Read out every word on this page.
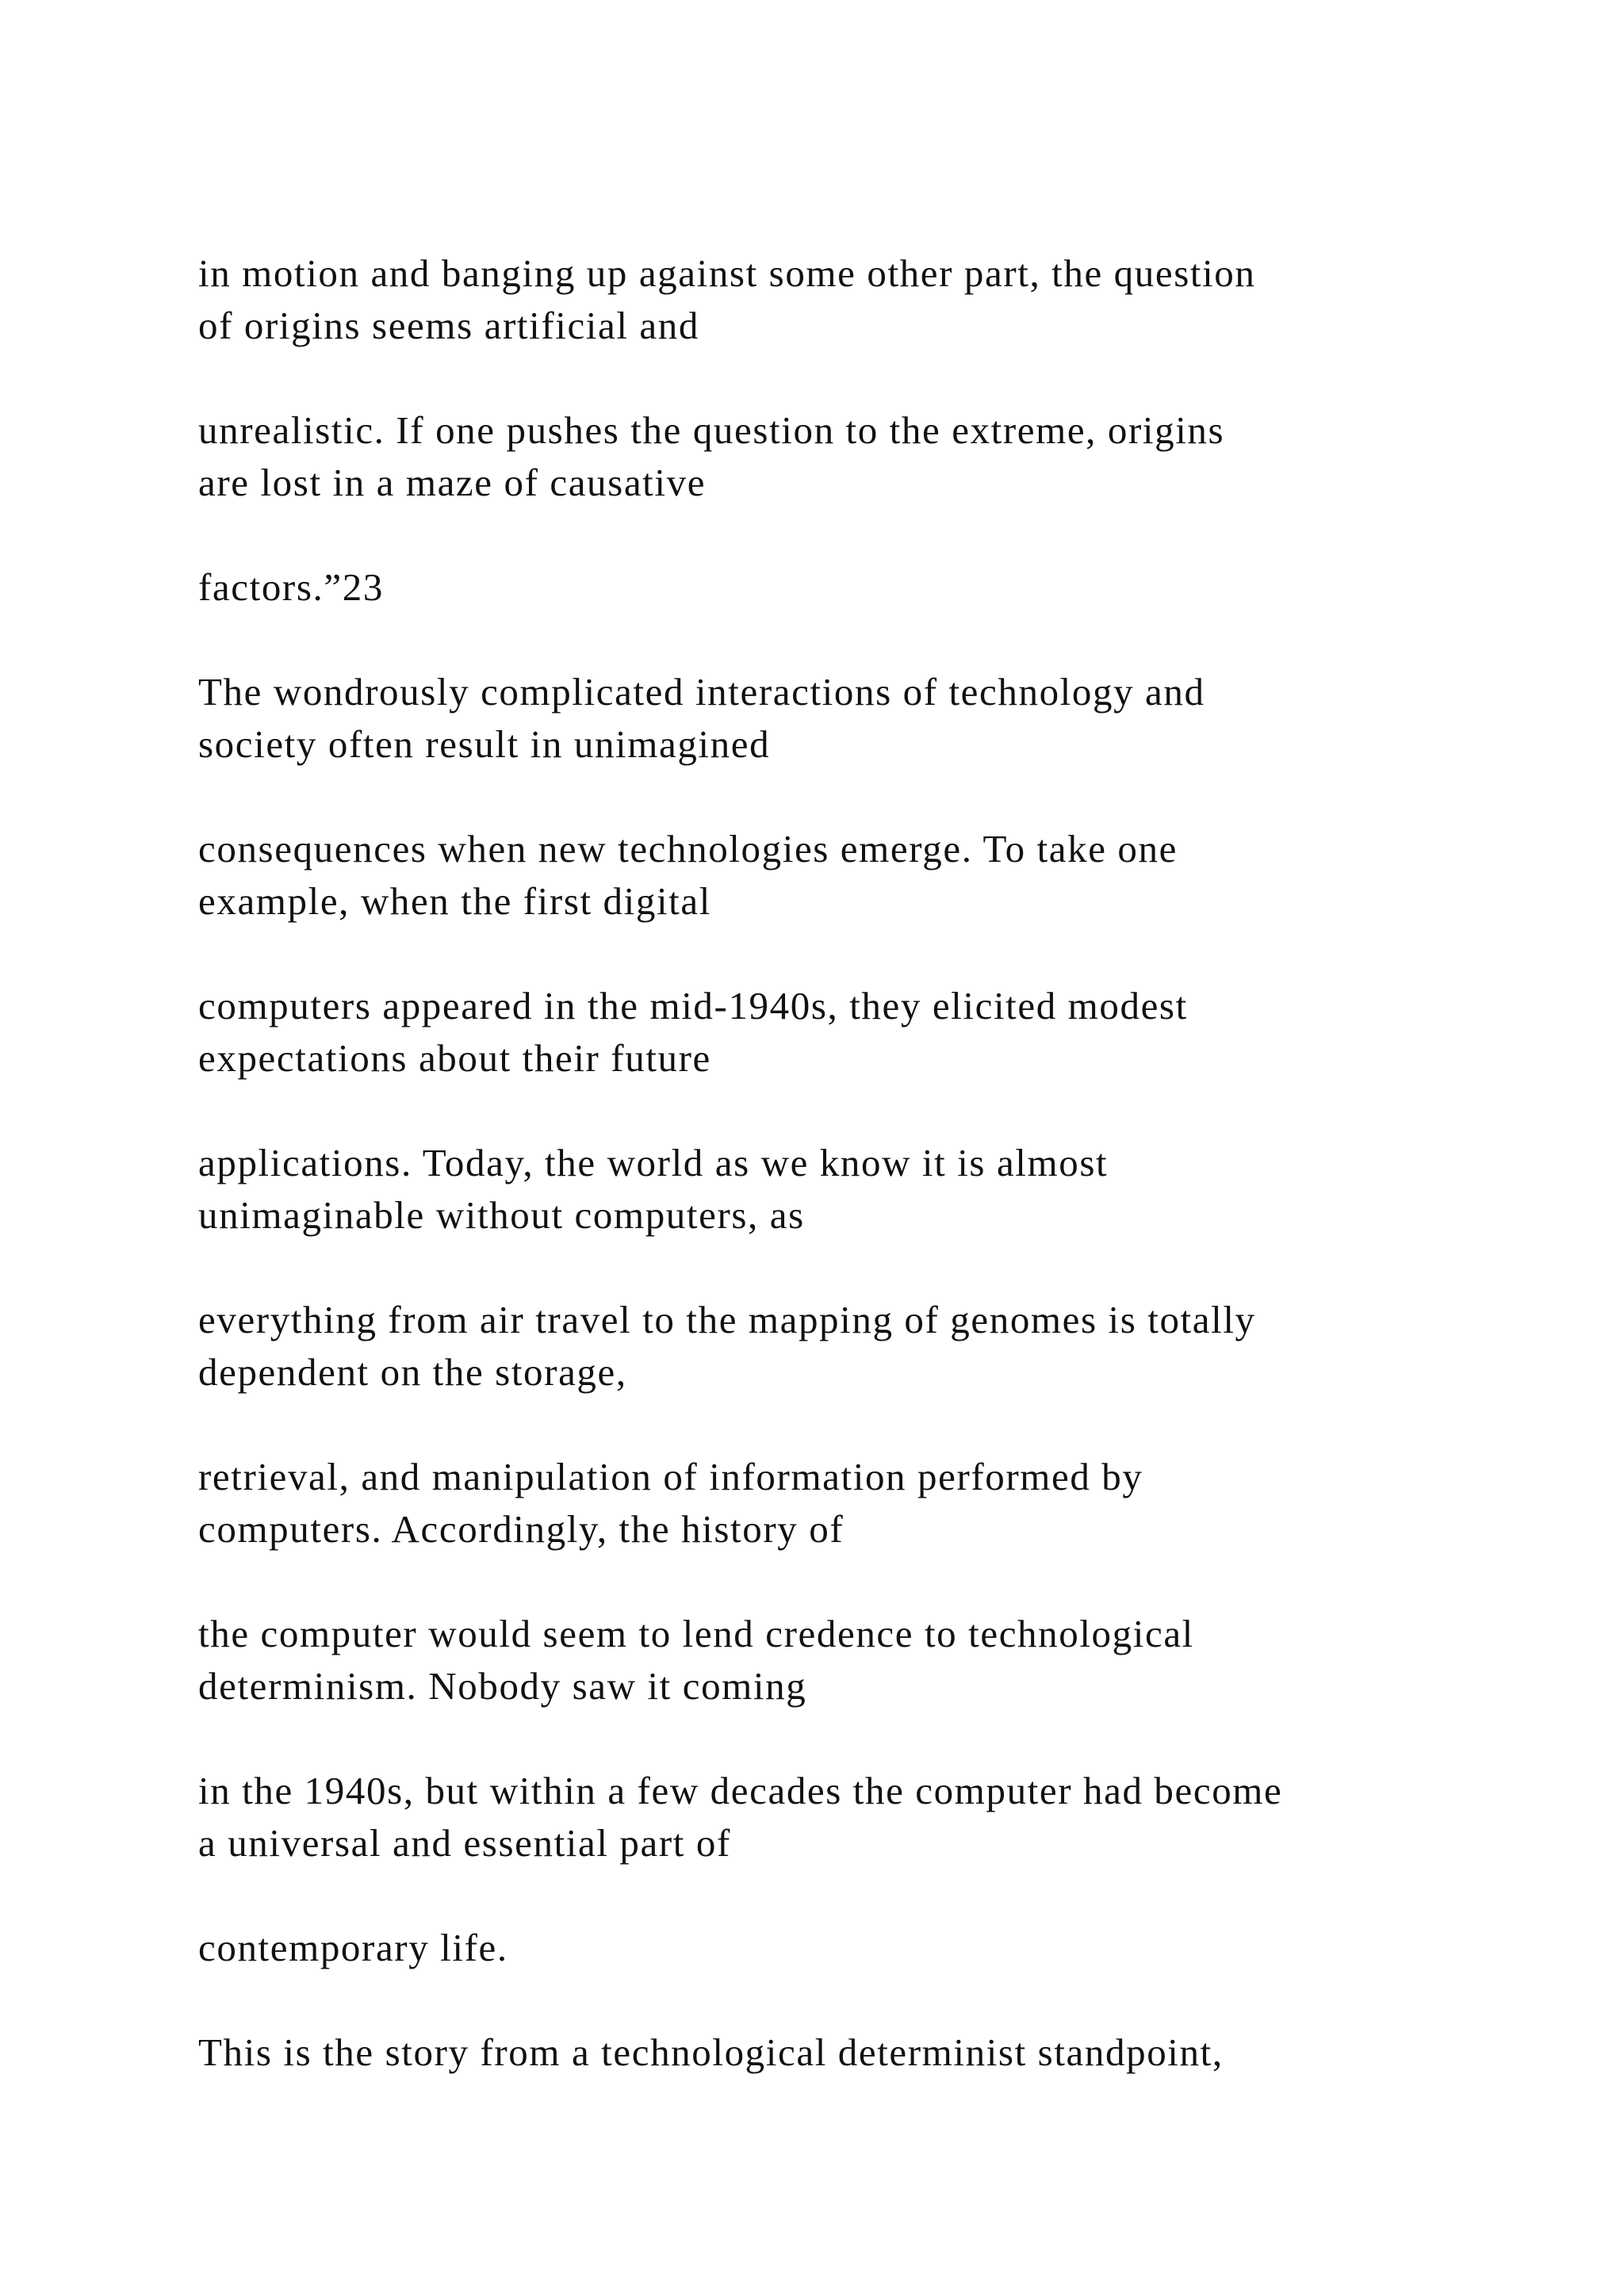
in motion and banging up against some other part, the question
of origins seems artificial and

unrealistic. If one pushes the question to the extreme, origins
are lost in a maze of causative

factors.”23

The wondrously complicated interactions of technology and
society often result in unimagined

consequences when new technologies emerge. To take one
example, when the first digital

computers appeared in the mid-1940s, they elicited modest
expectations about their future

applications. Today, the world as we know it is almost
unimaginable without computers, as

everything from air travel to the mapping of genomes is totally
dependent on the storage,

retrieval, and manipulation of information performed by
computers. Accordingly, the history of

the computer would seem to lend credence to technological
determinism. Nobody saw it coming

in the 1940s, but within a few decades the computer had become
a universal and essential part of

contemporary life.

This is the story from a technological determinist standpoint,
